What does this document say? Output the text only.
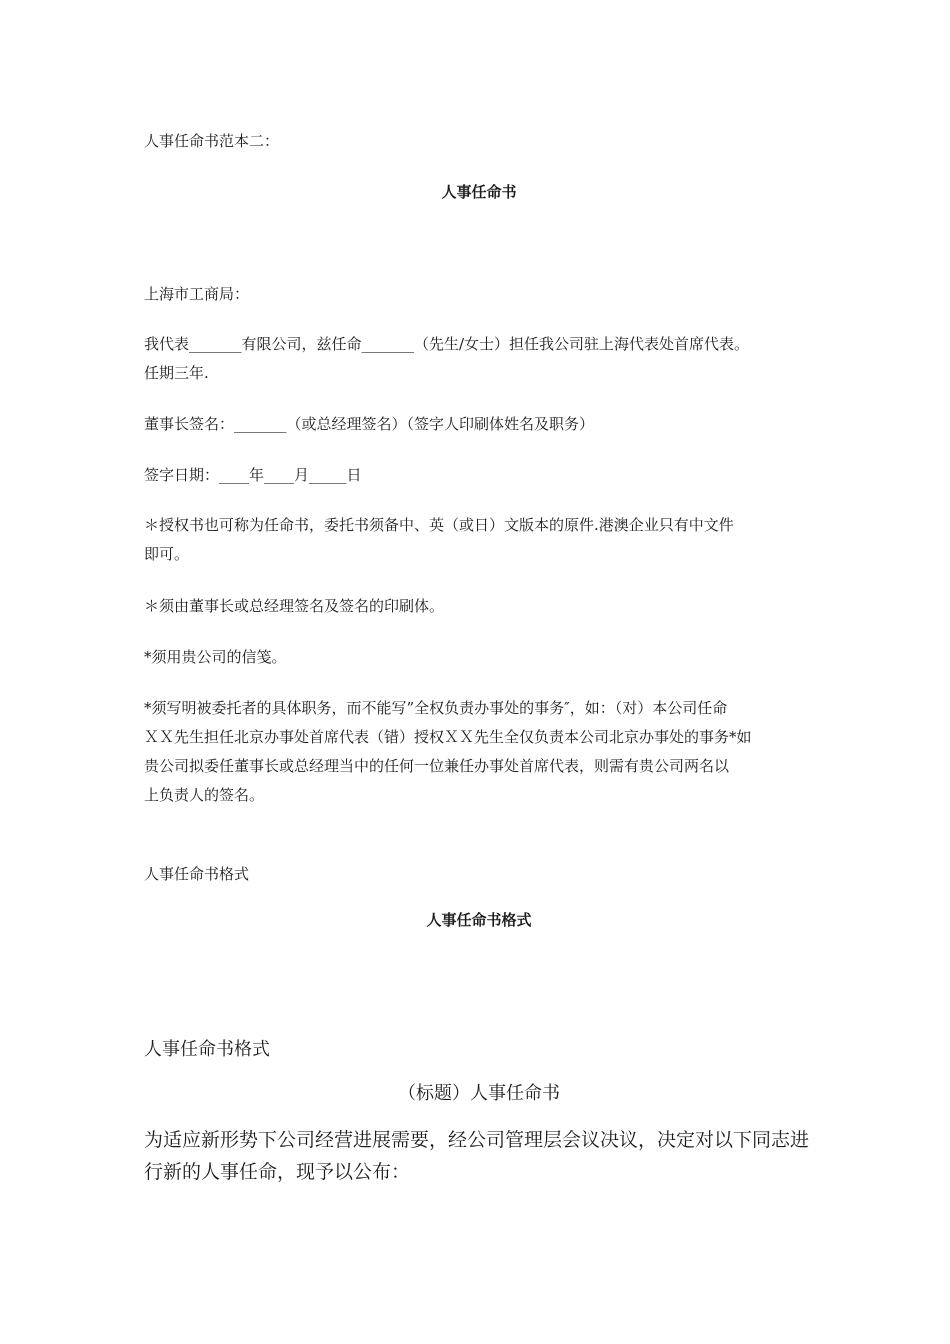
人事任命书范本二：

人事任命书

上海市工商局：

我代表_______有限公司，兹任命_______（先生/女士）担任我公司驻上海代表处首席代表。
任期三年.

董事长签名：_______（或总经理签名）（签字人印刷体姓名及职务）

签字日期：____年____月_____日

＊授权书也可称为任命书，委托书须备中、英（或日）文版本的原件.港澳企业只有中文件
即可。

＊须由董事长或总经理签名及签名的印刷体。

*须用贵公司的信笺。

*须写明被委托者的具体职务，而不能写”全权负责办事处的事务″，如：（对）本公司任命
ＸＸ先生担任北京办事处首席代表（错）授权ＸＸ先生全仅负责本公司北京办事处的事务*如
贵公司拟委任董事长或总经理当中的任何一位兼任办事处首席代表，则需有贵公司两名以
上负责人的签名。

人事任命书格式

人事任命书格式

人事任命书格式

（标题）人事任命书

为适应新形势下公司经营进展需要，经公司管理层会议决议，决定对以下同志进
行新的人事任命，现予以公布：
